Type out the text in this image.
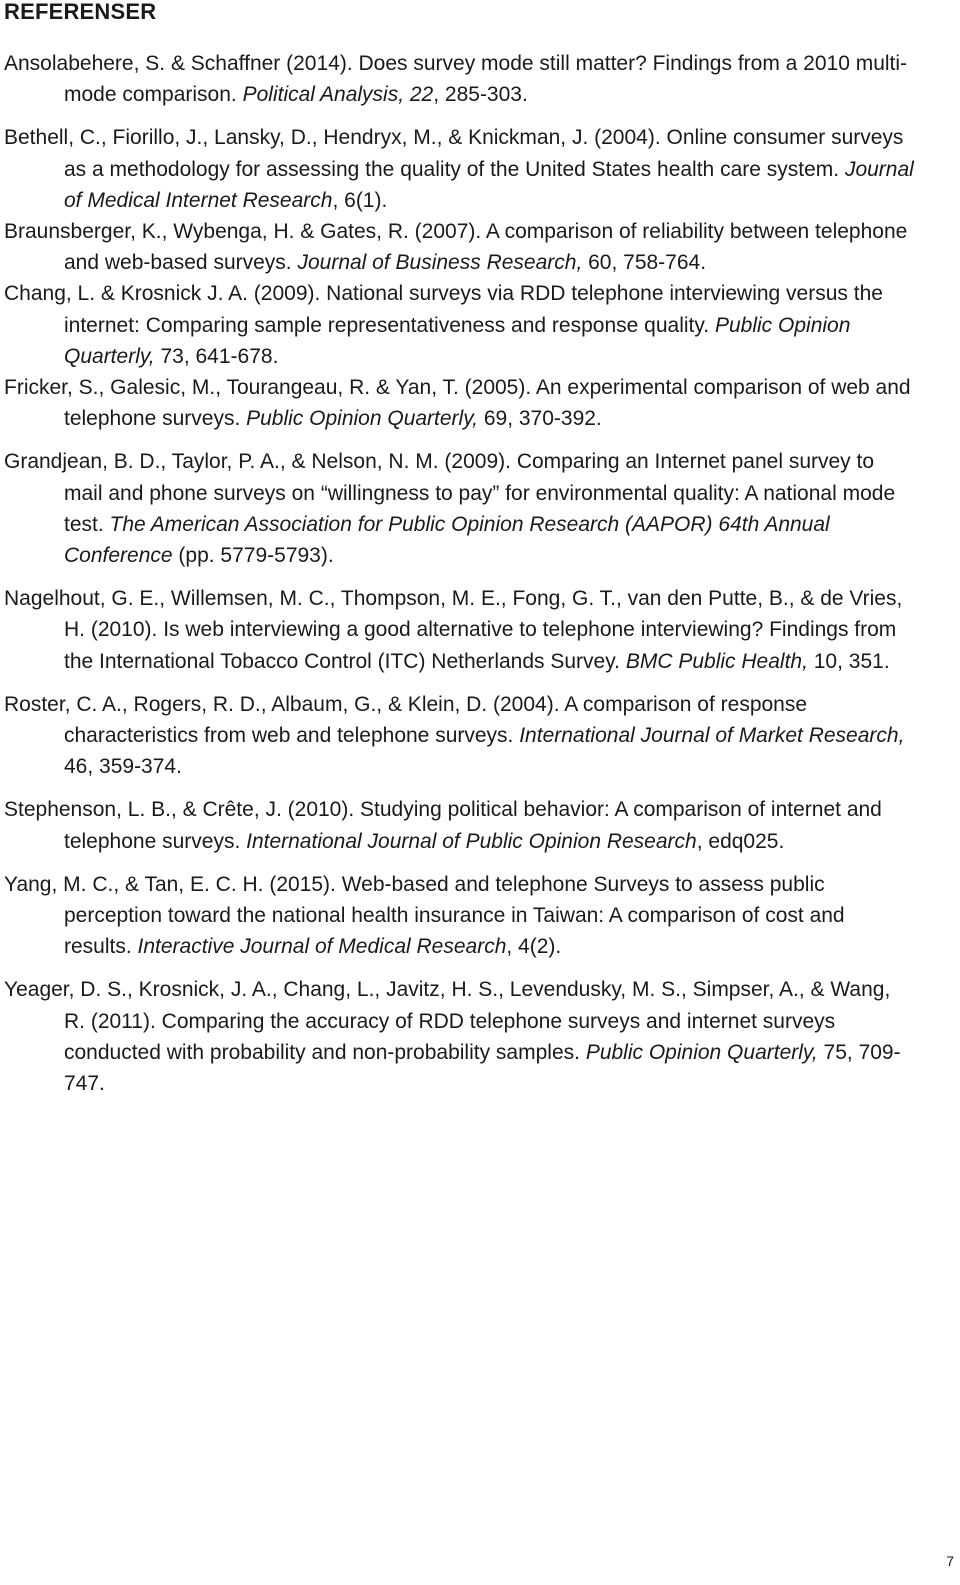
REFERENSER
Ansolabehere, S. & Schaffner (2014). Does survey mode still matter? Findings from a 2010 multi-mode comparison. Political Analysis, 22, 285-303.
Bethell, C., Fiorillo, J., Lansky, D., Hendryx, M., & Knickman, J. (2004). Online consumer surveys as a methodology for assessing the quality of the United States health care system. Journal of Medical Internet Research, 6(1).
Braunsberger, K., Wybenga, H. & Gates, R. (2007). A comparison of reliability between telephone and web-based surveys. Journal of Business Research, 60, 758-764.
Chang, L. & Krosnick J. A. (2009). National surveys via RDD telephone interviewing versus the internet: Comparing sample representativeness and response quality. Public Opinion Quarterly, 73, 641-678.
Fricker, S., Galesic, M., Tourangeau, R. & Yan, T. (2005). An experimental comparison of web and telephone surveys. Public Opinion Quarterly, 69, 370-392.
Grandjean, B. D., Taylor, P. A., & Nelson, N. M. (2009). Comparing an Internet panel survey to mail and phone surveys on “willingness to pay” for environmental quality: A national mode test. The American Association for Public Opinion Research (AAPOR) 64th Annual Conference (pp. 5779-5793).
Nagelhout, G. E., Willemsen, M. C., Thompson, M. E., Fong, G. T., van den Putte, B., & de Vries, H. (2010). Is web interviewing a good alternative to telephone interviewing? Findings from the International Tobacco Control (ITC) Netherlands Survey. BMC Public Health, 10, 351.
Roster, C. A., Rogers, R. D., Albaum, G., & Klein, D. (2004). A comparison of response characteristics from web and telephone surveys. International Journal of Market Research, 46, 359-374.
Stephenson, L. B., & Crête, J. (2010). Studying political behavior: A comparison of internet and telephone surveys. International Journal of Public Opinion Research, edq025.
Yang, M. C., & Tan, E. C. H. (2015). Web-based and telephone Surveys to assess public perception toward the national health insurance in Taiwan: A comparison of cost and results. Interactive Journal of Medical Research, 4(2).
Yeager, D. S., Krosnick, J. A., Chang, L., Javitz, H. S., Levendusky, M. S., Simpser, A., & Wang, R. (2011). Comparing the accuracy of RDD telephone surveys and internet surveys conducted with probability and non-probability samples. Public Opinion Quarterly, 75, 709-747.
7
